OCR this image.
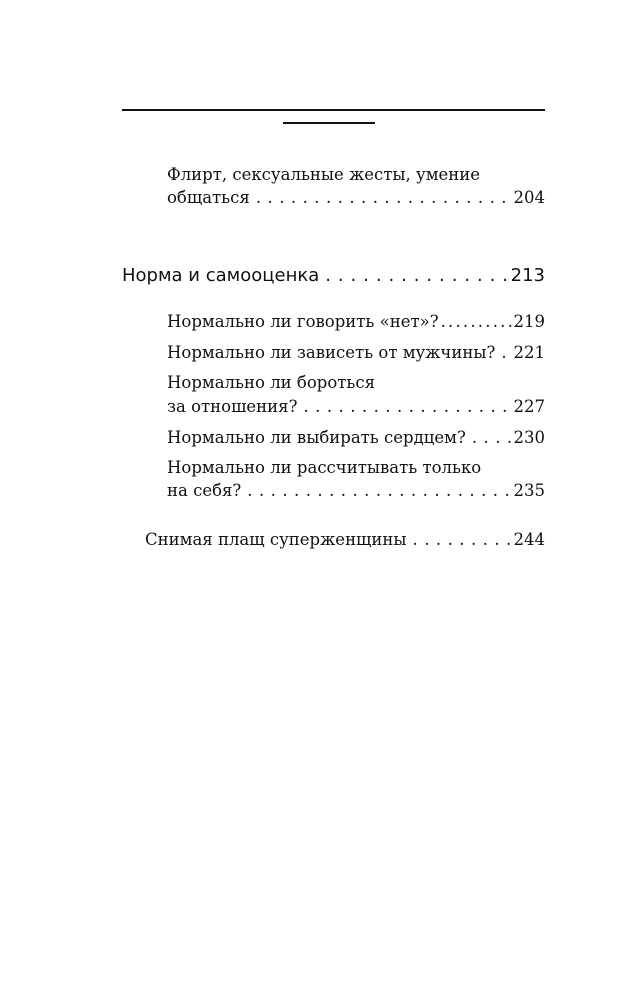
Флирт, сексуальные жесты, умение
общаться . . .	204
Норма и самооценка . . .	213
Нормально ли говорить «нет»? .....	219
Нормально ли зависеть от мужчины? . . . 221
Нормально ли бороться
за отношения? . . .	227
Нормально ли выбирать сердцем? . . .	230
Нормально ли рассчитывать только
на себя? . . .	235
Снимая плащ суперженщины . . .	244
